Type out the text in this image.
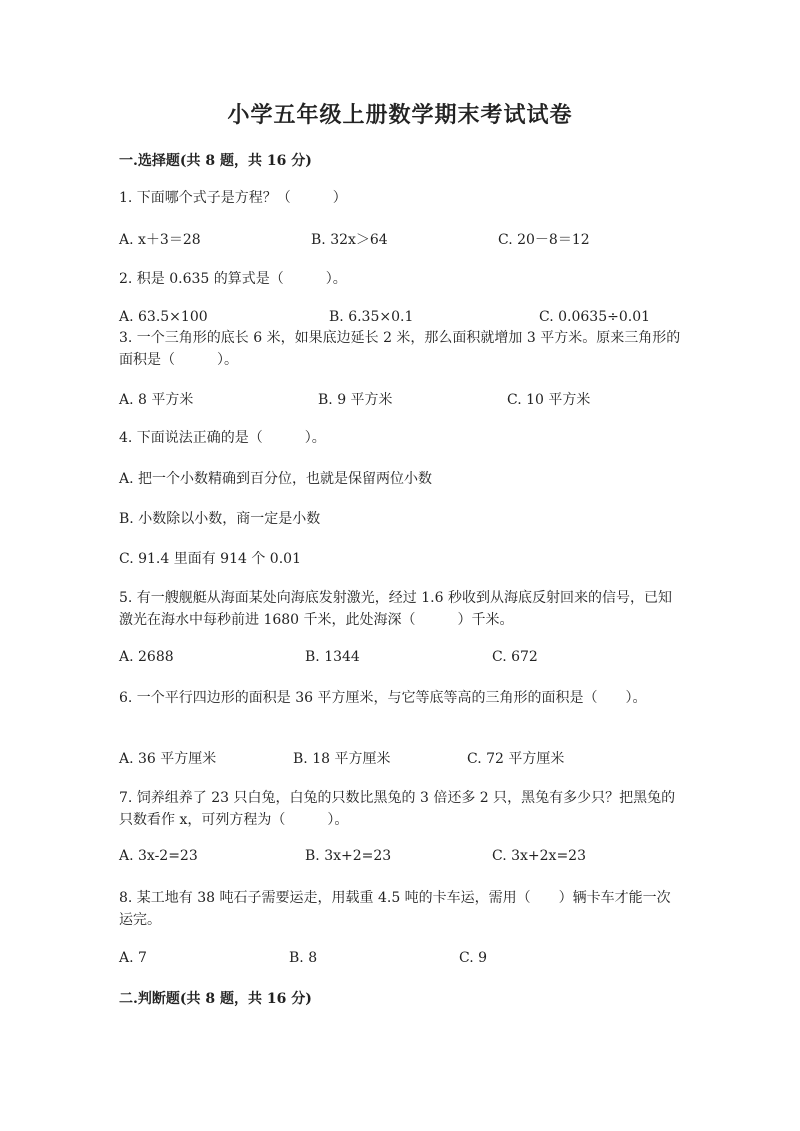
小学五年级上册数学期末考试试卷
一.选择题(共 8 题，共 16 分)
1. 下面哪个式子是方程？（　　　）
A. x＋3＝28	B. 32x＞64	C. 20－8＝12
2. 积是 0.635 的算式是（　　　）。
A. 63.5×100	B. 6.35×0.1	C. 0.0635÷0.01
3. 一个三角形的底长 6 米，如果底边延长 2 米，那么面积就增加 3 平方米。原来三角形的面积是（　　　）。
A. 8 平方米	B. 9 平方米	C. 10 平方米
4. 下面说法正确的是（　　　）。
A. 把一个小数精确到百分位，也就是保留两位小数
B. 小数除以小数，商一定是小数
C. 91.4 里面有 914 个 0.01
5. 有一艘舰艇从海面某处向海底发射激光，经过 1.6 秒收到从海底反射回来的信号，已知激光在海水中每秒前进 1680 千米，此处海深（　　　）千米。
A. 2688	B. 1344	C. 672
6. 一个平行四边形的面积是 36 平方厘米，与它等底等高的三角形的面积是（　　）。
A. 36 平方厘米	B. 18 平方厘米	C. 72 平方厘米
7. 饲养组养了 23 只白兔，白兔的只数比黑兔的 3 倍还多 2 只，黑兔有多少只？把黑兔的只数看作 x，可列方程为（　　　）。
A. 3x-2=23	B. 3x+2=23	C. 3x+2x=23
8. 某工地有 38 吨石子需要运走，用载重 4.5 吨的卡车运，需用（　　）辆卡车才能一次运完。
A. 7	B. 8	C. 9
二.判断题(共 8 题，共 16 分)
